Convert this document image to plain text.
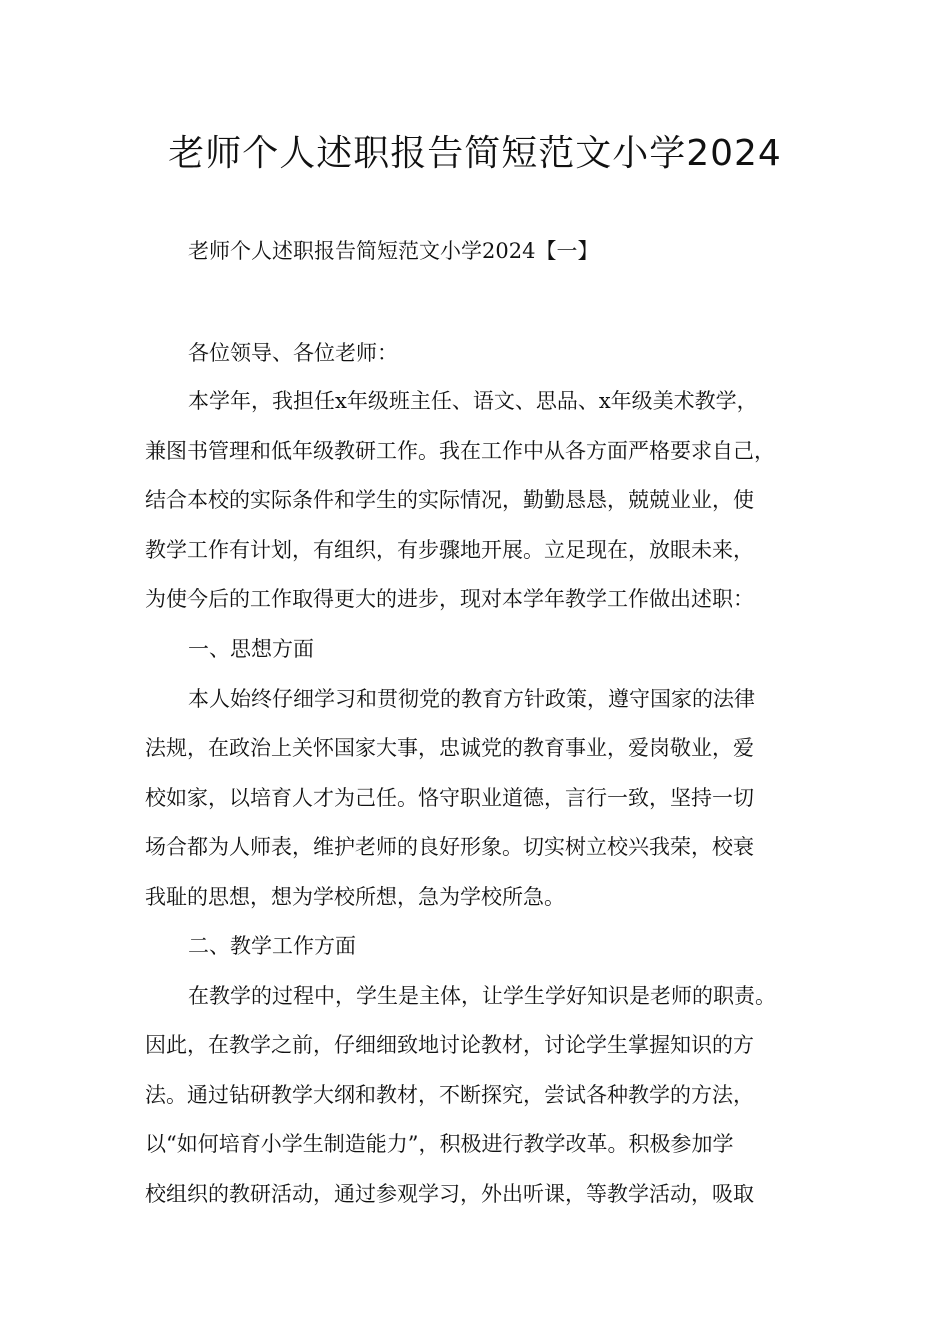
老师个人述职报告简短范文小学2024

老师个人述职报告简短范文小学2024【一】

各位领导、各位老师：

本学年，我担任x年级班主任、语文、思品、x年级美术教学，

兼图书管理和低年级教研工作。我在工作中从各方面严格要求自己，

结合本校的实际条件和学生的实际情况，勤勤恳恳，兢兢业业，使

教学工作有计划，有组织，有步骤地开展。立足现在，放眼未来，

为使今后的工作取得更大的进步，现对本学年教学工作做出述职：

一、思想方面

本人始终仔细学习和贯彻党的教育方针政策，遵守国家的法律

法规，在政治上关怀国家大事，忠诚党的教育事业，爱岗敬业，爱

校如家，以培育人才为己任。恪守职业道德，言行一致，坚持一切

场合都为人师表，维护老师的良好形象。切实树立校兴我荣，校衰

我耻的思想，想为学校所想，急为学校所急。

二、教学工作方面

在教学的过程中，学生是主体，让学生学好知识是老师的职责。

因此，在教学之前，仔细细致地讨论教材，讨论学生掌握知识的方

法。通过钻研教学大纲和教材，不断探究，尝试各种教学的方法，

以“如何培育小学生制造能力”，积极进行教学改革。积极参加学

校组织的教研活动，通过参观学习，外出听课，等教学活动，吸取
